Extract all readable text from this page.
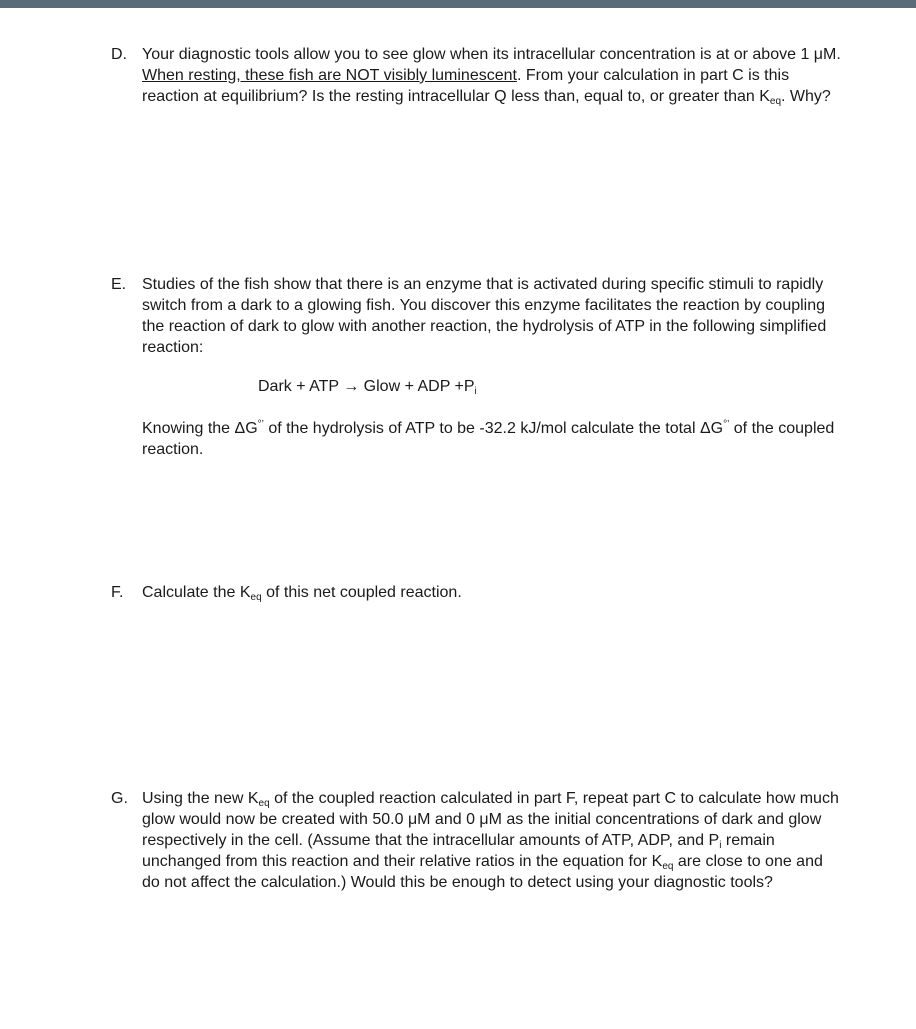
D. Your diagnostic tools allow you to see glow when its intracellular concentration is at or above 1 μM. When resting, these fish are NOT visibly luminescent. From your calculation in part C is this reaction at equilibrium? Is the resting intracellular Q less than, equal to, or greater than $K_{eq}$. Why?
E. Studies of the fish show that there is an enzyme that is activated during specific stimuli to rapidly switch from a dark to a glowing fish. You discover this enzyme facilitates the reaction by coupling the reaction of dark to glow with another reaction, the hydrolysis of ATP in the following simplified reaction:
Dark + ATP → Glow + ADP $+P_i$
Knowing the ΔG°’ of the hydrolysis of ATP to be -32.2 kJ/mol calculate the total ΔG°’ of the coupled reaction.
F. Calculate the $K_{eq}$ of this net coupled reaction.
G. Using the new $K_{eq}$ of the coupled reaction calculated in part F, repeat part C to calculate how much glow would now be created with 50.0 μM and 0 μM as the initial concentrations of dark and glow respectively in the cell. (Assume that the intracellular amounts of ATP, ADP, and $P_i$ remain unchanged from this reaction and their relative ratios in the equation for $K_{eq}$ are close to one and do not affect the calculation.) Would this be enough to detect using your diagnostic tools?
